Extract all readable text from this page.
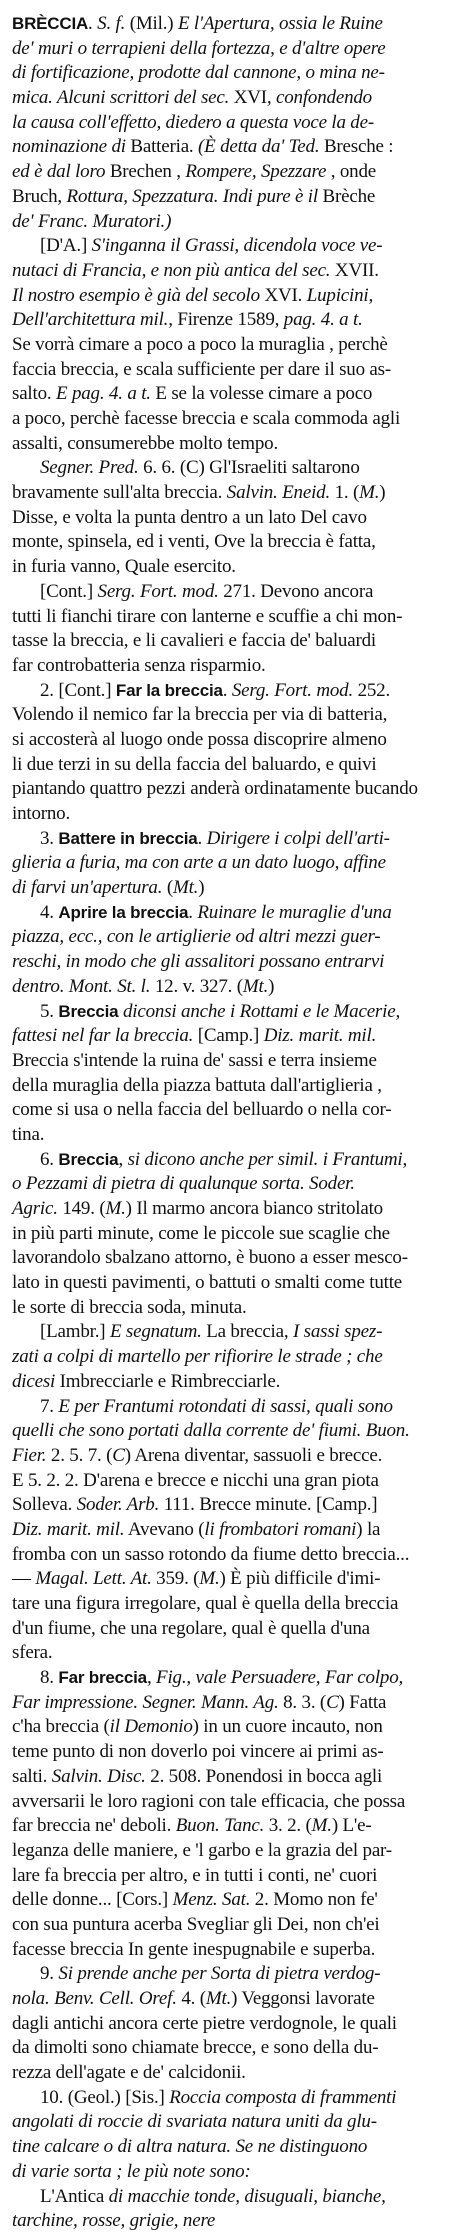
BRÈCCIA. S. f. (Mil.) E l'Apertura, ossia le Ruine
de' muri o terrapieni della fortezza, e d'altre opere
di fortificazione, prodotte dal cannone, o mina ne-
mica. Alcuni scrittori del sec. XVI, confondendo
la causa coll'effetto, diedero a questa voce la de-
nominazione di Batteria. (È detta da' Ted. Bresche :
ed è dal loro Brechen , Rompere, Spezzare , onde
Bruch, Rottura, Spezzatura. Indi pure è il Brèche
de' Franc. Muratori.)
[D'A.] S'inganna il Grassi, dicendola voce ve-
nutaci di Francia, e non più antica del sec. XVII.
Il nostro esempio è già del secolo XVI. Lupicini,
Dell'architettura mil., Firenze 1589, pag. 4. a t.
Se vorrà cimare a poco a poco la muraglia , perchè
faccia breccia, e scala sufficiente per dare il suo as-
salto. E pag. 4. a t. E se la volesse cimare a poco
a poco, perchè facesse breccia e scala commoda agli
assalti, consumerebbe molto tempo.
Segner. Pred. 6. 6. (C) Gl'Israeliti saltarono
bravamente sull'alta breccia. Salvin. Eneid. 1. (M.)
Disse, e volta la punta dentro a un lato Del cavo
monte, spinsela, ed i venti, Ove la breccia è fatta,
in furia vanno, Quale esercito.
[Cont.] Serg. Fort. mod. 271. Devono ancora
tutti li fianchi tirare con lanterne e scuffie a chi mon-
tasse la breccia, e li cavalieri e faccia de' baluardi
far controbatteria senza risparmio.
2. [Cont.] Far la breccia. Serg. Fort. mod. 252.
Volendo il nemico far la breccia per via di batteria,
si accosterà al luogo onde possa discoprire almeno
li due terzi in su della faccia del baluardo, e quivi
piantando quattro pezzi anderà ordinatamente bucando
intorno.
3. Battere in breccia. Dirigere i colpi dell'arti-
glieria a furia, ma con arte a un dato luogo, affine
di farvi un'apertura. (Mt.)
4. Aprire la breccia. Ruinare le muraglie d'una
piazza, ecc., con le artiglierie od altri mezzi guer-
reschi, in modo che gli assalitori possano entrarvi
dentro. Mont. St. l. 12. v. 327. (Mt.)
5. Breccia diconsi anche i Rottami e le Macerie,
fattesi nel far la breccia. [Camp.] Diz. marit. mil.
Breccia s'intende la ruina de' sassi e terra insieme
della muraglia della piazza battuta dall'artiglieria ,
come si usa o nella faccia del belluardo o nella cor-
tina.
6. Breccia, si dicono anche per simil. i Frantumi,
o Pezzami di pietra di qualunque sorta. Soder.
Agric. 149. (M.) Il marmo ancora bianco stritolato
in più parti minute, come le piccole sue scaglie che
lavorandolo sbalzano attorno, è buono a esser mesco-
lato in questi pavimenti, o battuti o smalti come tutte
le sorte di breccia soda, minuta.
[Lambr.] E segnatum. La breccia, I sassi spez-
zati a colpi di martello per rifiorire le strade ; che
dicesi Imbrecciarle e Rimbrecciarle.
7. E per Frantumi rotondati di sassi, quali sono
quelli che sono portati dalla corrente de' fiumi. Buon.
Fier. 2. 5. 7. (C) Arena diventar, sassuoli e brecce.
E 5. 2. 2. D'arena e brecce e nicchi una gran piota
Solleva. Soder. Arb. 111. Brecce minute. [Camp.]
Diz. marit. mil. Avevano (li frombatori romani) la
fromba con un sasso rotondo da fiume detto breccia...
— Magal. Lett. At. 359. (M.) È più difficile d'imi-
tare una figura irregolare, qual è quella della breccia
d'un fiume, che una regolare, qual è quella d'una
sfera.
8. Far breccia, Fig., vale Persuadere, Far colpo,
Far impressione. Segner. Mann. Ag. 8. 3. (C) Fatta
c'ha breccia (il Demonio) in un cuore incauto, non
teme punto di non doverlo poi vincere ai primi as-
salti. Salvin. Disc. 2. 508. Ponendosi in bocca agli
avversarii le loro ragioni con tale efficacia, che possa
far breccia ne' deboli. Buon. Tanc. 3. 2. (M.) L'e-
leganza delle maniere, e 'l garbo e la grazia del par-
lare fa breccia per altro, e in tutti i conti, ne' cuori
delle donne... [Cors.] Menz. Sat. 2. Momo non fe'
con sua puntura acerba Svegliar gli Dei, non ch'ei
facesse breccia In gente inespugnabile e superba.
9. Si prende anche per Sorta di pietra verdog-
nola. Benv. Cell. Oref. 4. (Mt.) Veggonsi lavorate
dagli antichi ancora certe pietre verdognole, le quali
da dimolti sono chiamate brecce, e sono della du-
rezza dell'agate e de' calcidonii.
10. (Geol.) [Sis.] Roccia composta di frammenti
angolati di roccie di svariata natura uniti da glu-
tine calcare o di altra natura. Se ne distinguono
di varie sorta ; le più note sono:
L'Antica di macchie tonde, disuguali, bianche,
tarchine, rosse, grigie, nere
